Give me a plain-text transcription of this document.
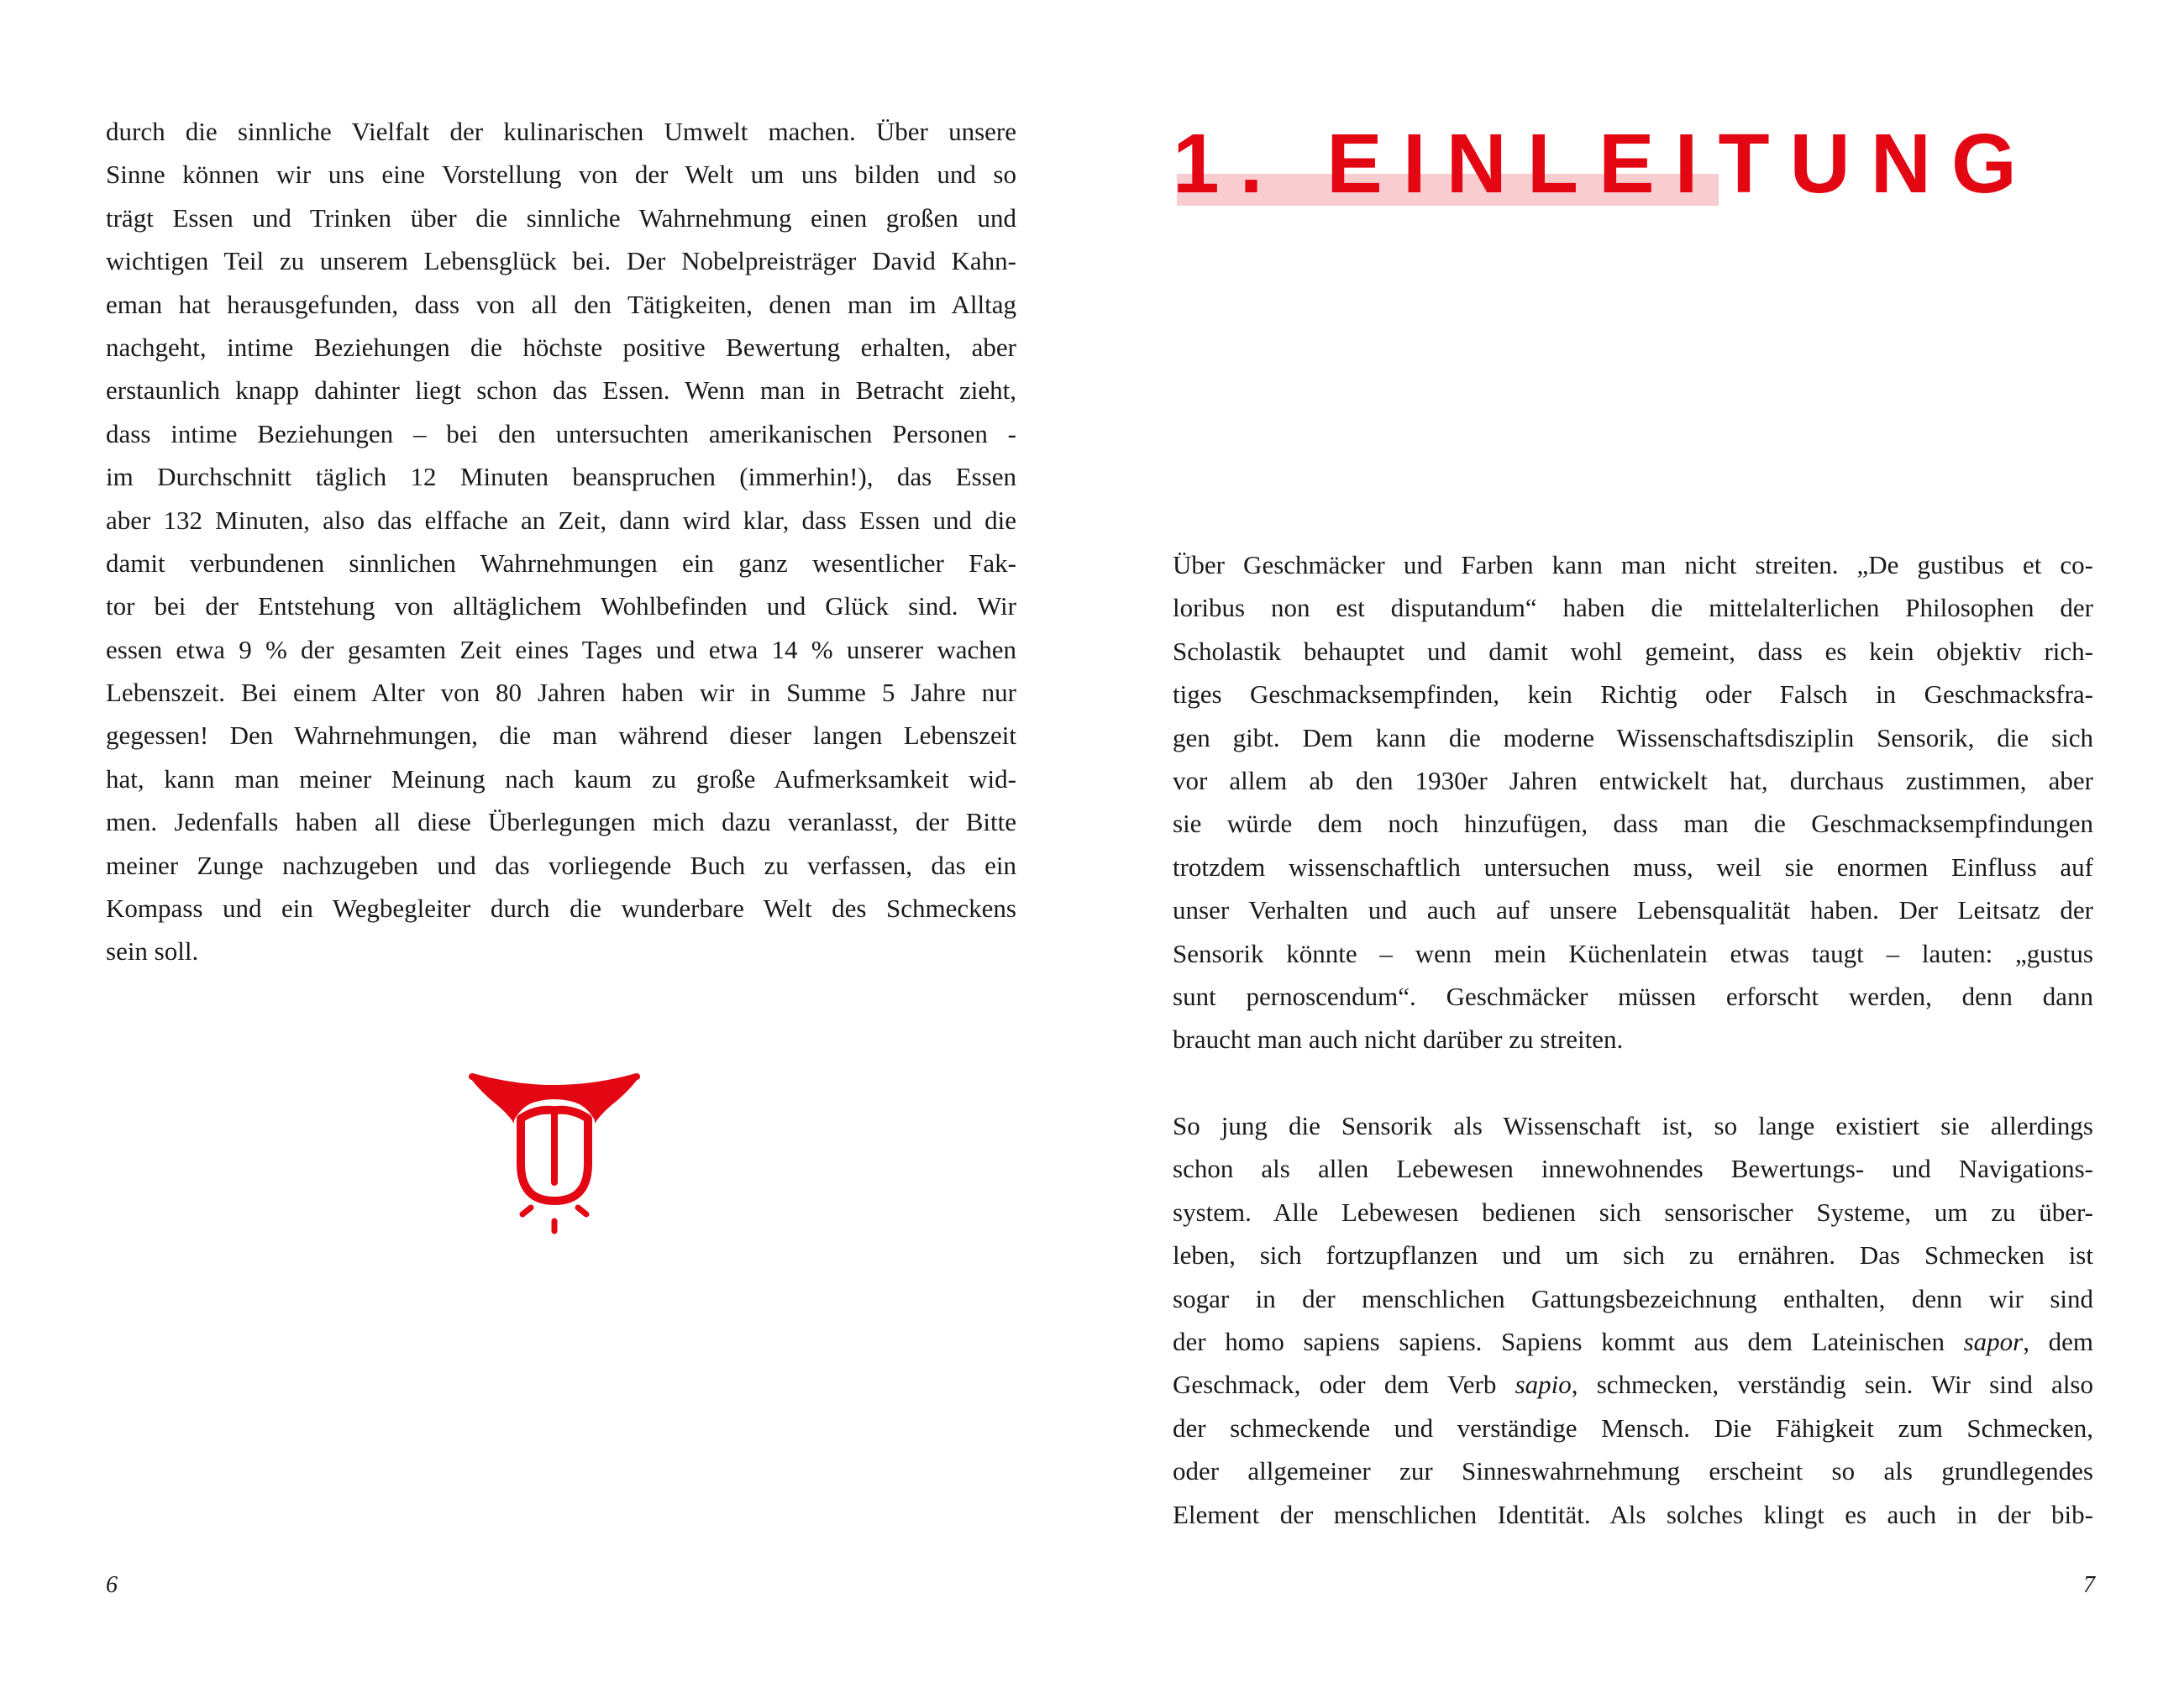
durch die sinnliche Vielfalt der kulinarischen Umwelt machen. Über unsere
Sinne können wir uns eine Vorstellung von der Welt um uns bilden und so
trägt Essen und Trinken über die sinnliche Wahrnehmung einen großen und
wichtigen Teil zu unserem Lebensglück bei. Der Nobelpreisträger David Kahn-
eman hat herausgefunden, dass von all den Tätigkeiten, denen man im Alltag
nachgeht, intime Beziehungen die höchste positive Bewertung erhalten, aber
erstaunlich knapp dahinter liegt schon das Essen. Wenn man in Betracht zieht,
dass intime Beziehungen – bei den untersuchten amerikanischen Personen -
im Durchschnitt täglich 12 Minuten beanspruchen (immerhin!), das Essen
aber 132 Minuten, also das elffache an Zeit, dann wird klar, dass Essen und die
damit verbundenen sinnlichen Wahrnehmungen ein ganz wesentlicher Fak-
tor bei der Entstehung von alltäglichem Wohlbefinden und Glück sind. Wir
essen etwa 9 % der gesamten Zeit eines Tages und etwa 14 % unserer wachen
Lebenszeit. Bei einem Alter von 80 Jahren haben wir in Summe 5 Jahre nur
gegessen! Den Wahrnehmungen, die man während dieser langen Lebenszeit
hat, kann man meiner Meinung nach kaum zu große Aufmerksamkeit wid-
men. Jedenfalls haben all diese Überlegungen mich dazu veranlasst, der Bitte
meiner Zunge nachzugeben und das vorliegende Buch zu verfassen, das ein
Kompass und ein Wegbegleiter durch die wunderbare Welt des Schmeckens
sein soll.
6
1. EINLEITUNG
Über Geschmäcker und Farben kann man nicht streiten. „De gustibus et co-
loribus non est disputandum“ haben die mittelalterlichen Philosophen der
Scholastik behauptet und damit wohl gemeint, dass es kein objektiv rich-
tiges Geschmacksempfinden, kein Richtig oder Falsch in Geschmacksfra-
gen gibt. Dem kann die moderne Wissenschaftsdisziplin Sensorik, die sich
vor allem ab den 1930er Jahren entwickelt hat, durchaus zustimmen, aber
sie würde dem noch hinzufügen, dass man die Geschmacksempfindungen
trotzdem wissenschaftlich untersuchen muss, weil sie enormen Einfluss auf
unser Verhalten und auch auf unsere Lebensqualität haben. Der Leitsatz der
Sensorik könnte – wenn mein Küchenlatein etwas taugt – lauten: „gustus
sunt pernoscendum“. Geschmäcker müssen erforscht werden, denn dann
braucht man auch nicht darüber zu streiten.
So jung die Sensorik als Wissenschaft ist, so lange existiert sie allerdings
schon als allen Lebewesen innewohnendes Bewertungs- und Navigations-
system. Alle Lebewesen bedienen sich sensorischer Systeme, um zu über-
leben, sich fortzupflanzen und um sich zu ernähren. Das Schmecken ist
sogar in der menschlichen Gattungsbezeichnung enthalten, denn wir sind
der homo sapiens sapiens. Sapiens kommt aus dem Lateinischen sapor, dem
Geschmack, oder dem Verb sapio, schmecken, verständig sein. Wir sind also
der schmeckende und verständige Mensch. Die Fähigkeit zum Schmecken,
oder allgemeiner zur Sinneswahrnehmung erscheint so als grundlegendes
Element der menschlichen Identität. Als solches klingt es auch in der bib-
7
